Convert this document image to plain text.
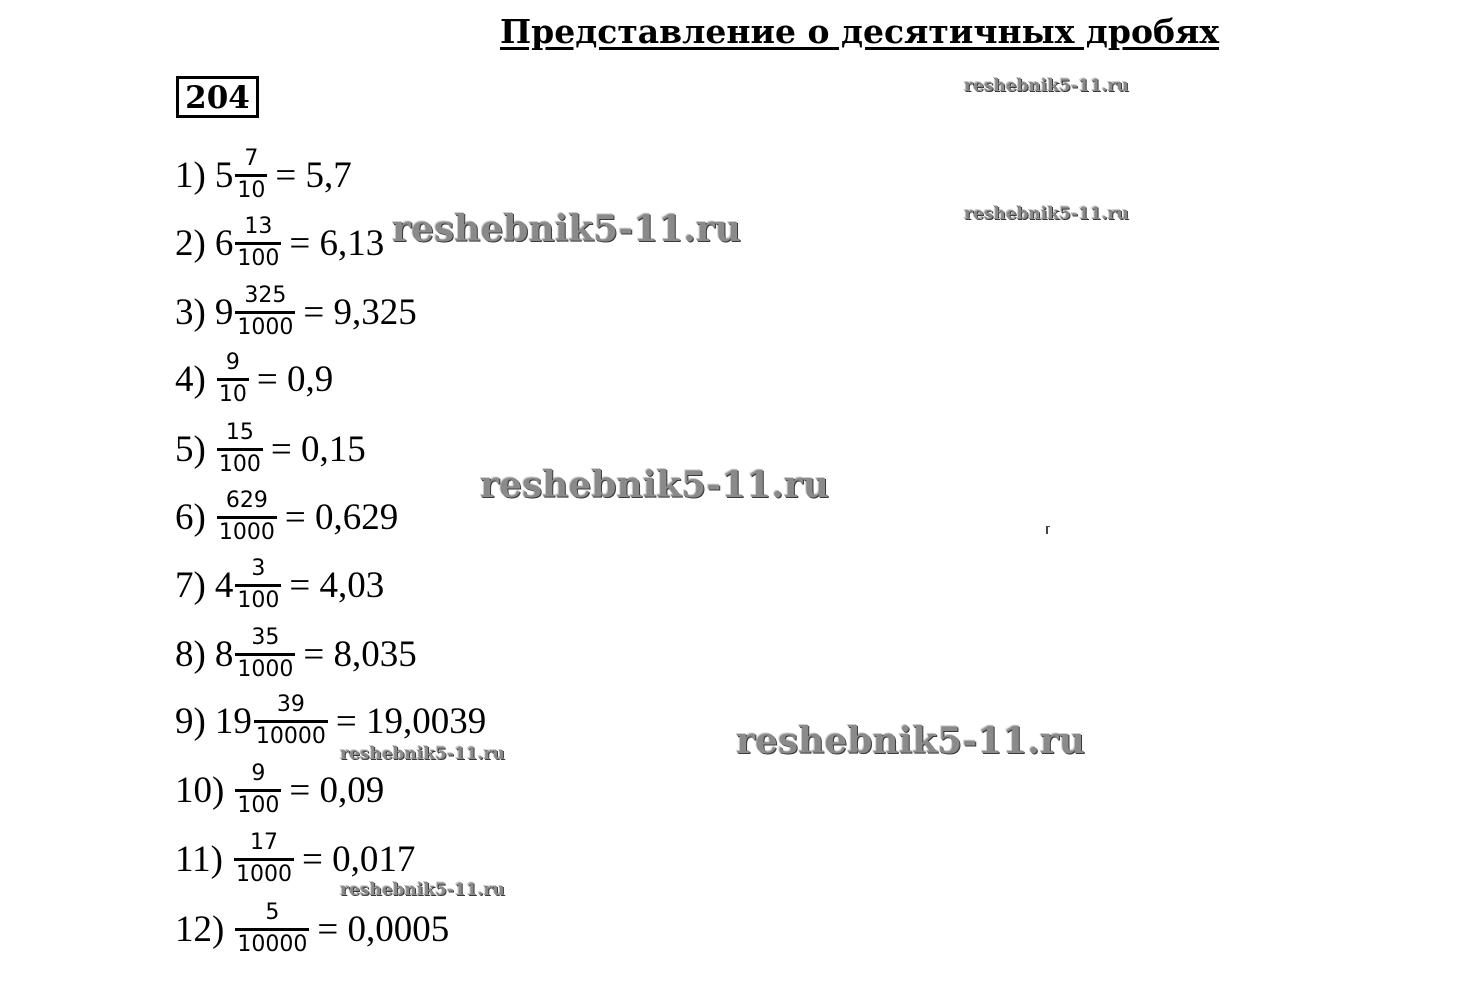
Представление о десятичных дробях
204
1) $5 \frac{7}{10} = 5,7$
2) $6 \frac{13}{100} = 6,13$
3) $9 \frac{325}{1000} = 9,325$
$4) \frac{9}{10} = 0,9$
$5) \frac{15}{100} = 0,15$
$6) \frac{629}{1000} = 0,629$
7) $4 \frac{3}{100} = 4,03$
8) $8 \frac{35}{1000} = 8,035$
9) $19 \frac{39}{10000} = 19,0039$
$10) \frac{9}{100} = 0,09$
$11) \frac{17}{1000} = 0,017$
$12) \frac{5}{10000} = 0,0005$
reshebnik5-11.ru
reshebnik5-11.ru
reshebnik5-11.ru
reshebnik5-11.ru
reshebnik5-11.ru
reshebnik5-11.ru
reshebnik5-11.ru
